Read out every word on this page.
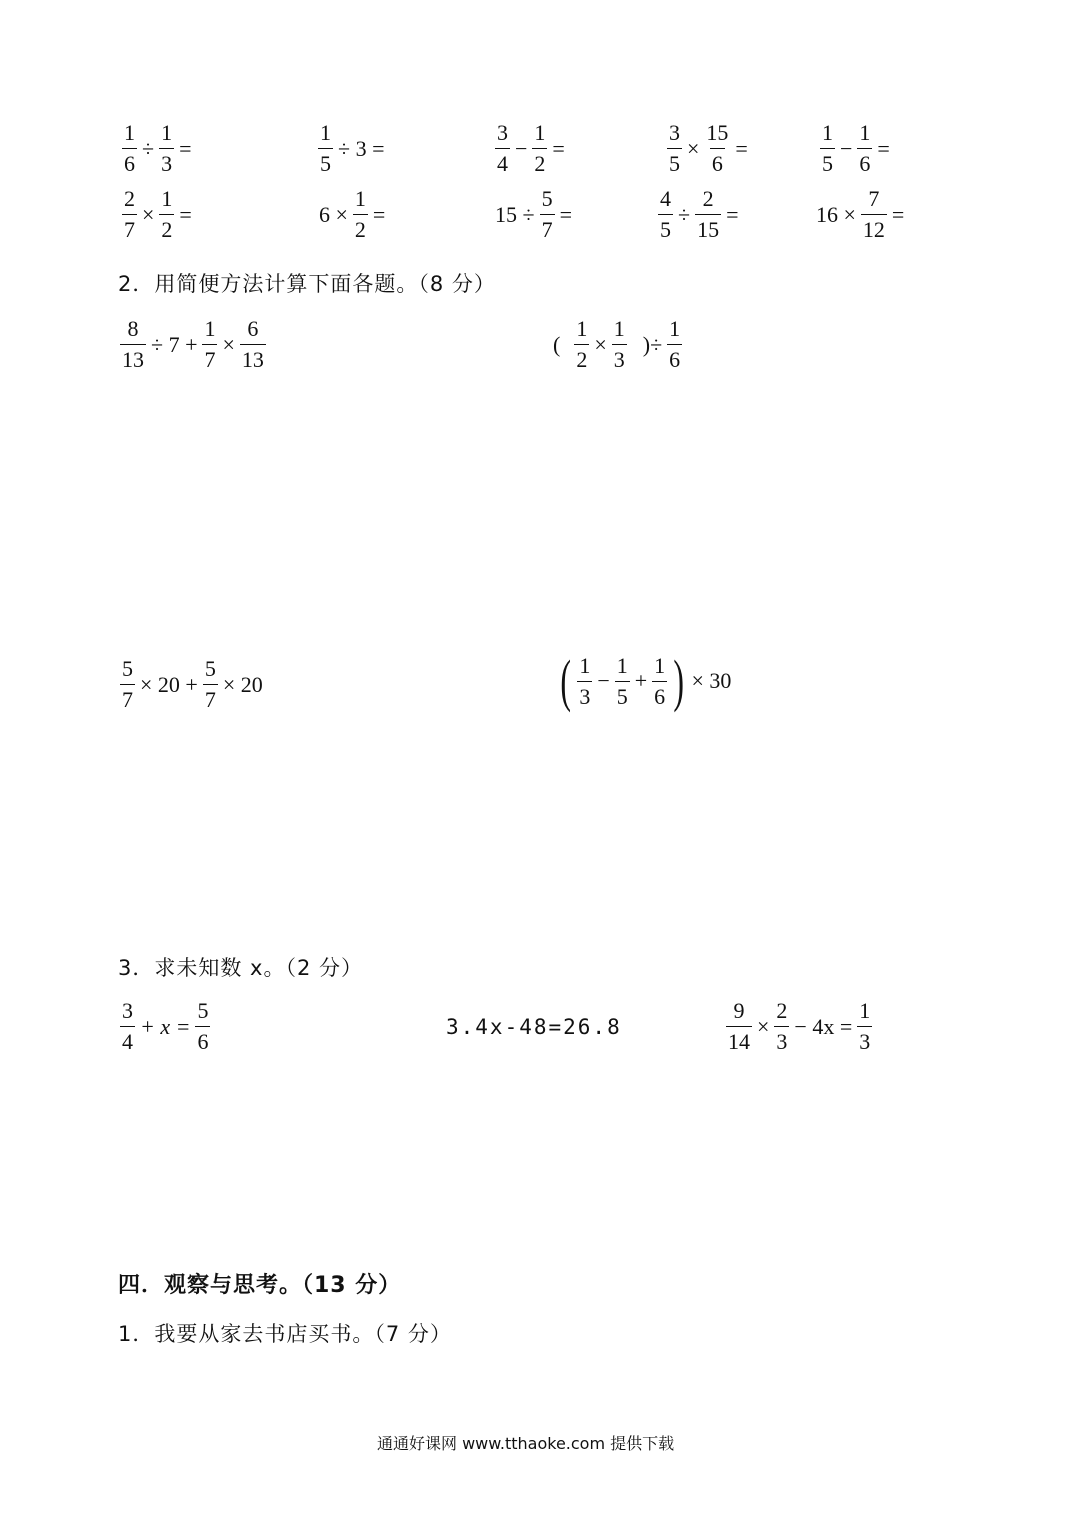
$\frac{1}{6} \div \frac{1}{3}$ =	$\frac{1}{5} \div 3$ =	$\frac{3}{4} - \frac{1}{2}$ =	$\frac{3}{5} \times \frac{15}{6}$ =	$\frac{1}{5} - \frac{1}{6}$ =
$\frac{2}{7} \times \frac{1}{2}$ =	$6 \times \frac{1}{2}$ =	$15 \div \frac{5}{7}$ =	$\frac{4}{5} \div \frac{2}{15}$ =	$16 \times \frac{7}{12}$ =
2．用简便方法计算下面各题。（8 分）
$\frac{8}{13} \div 7 + \frac{1}{7} \times \frac{6}{13}$	( $\frac{1}{2} \times \frac{1}{3}$ )÷ $\frac{1}{6}$
$\frac{5}{7} \times 20 + \frac{5}{7} \times 20$	( $\frac{1}{3} - \frac{1}{5} + \frac{1}{6}$ ) × 30
3．求未知数 x。（2 分）
$\frac{3}{4} + x = \frac{5}{6}$	3.4x-48=26.8	$\frac{9}{14} \times \frac{2}{3} - 4x = \frac{1}{3}$
四．观察与思考。（13 分）
1．我要从家去书店买书。（7 分）
通通好课网 www.tthaoke.com 提供下载
